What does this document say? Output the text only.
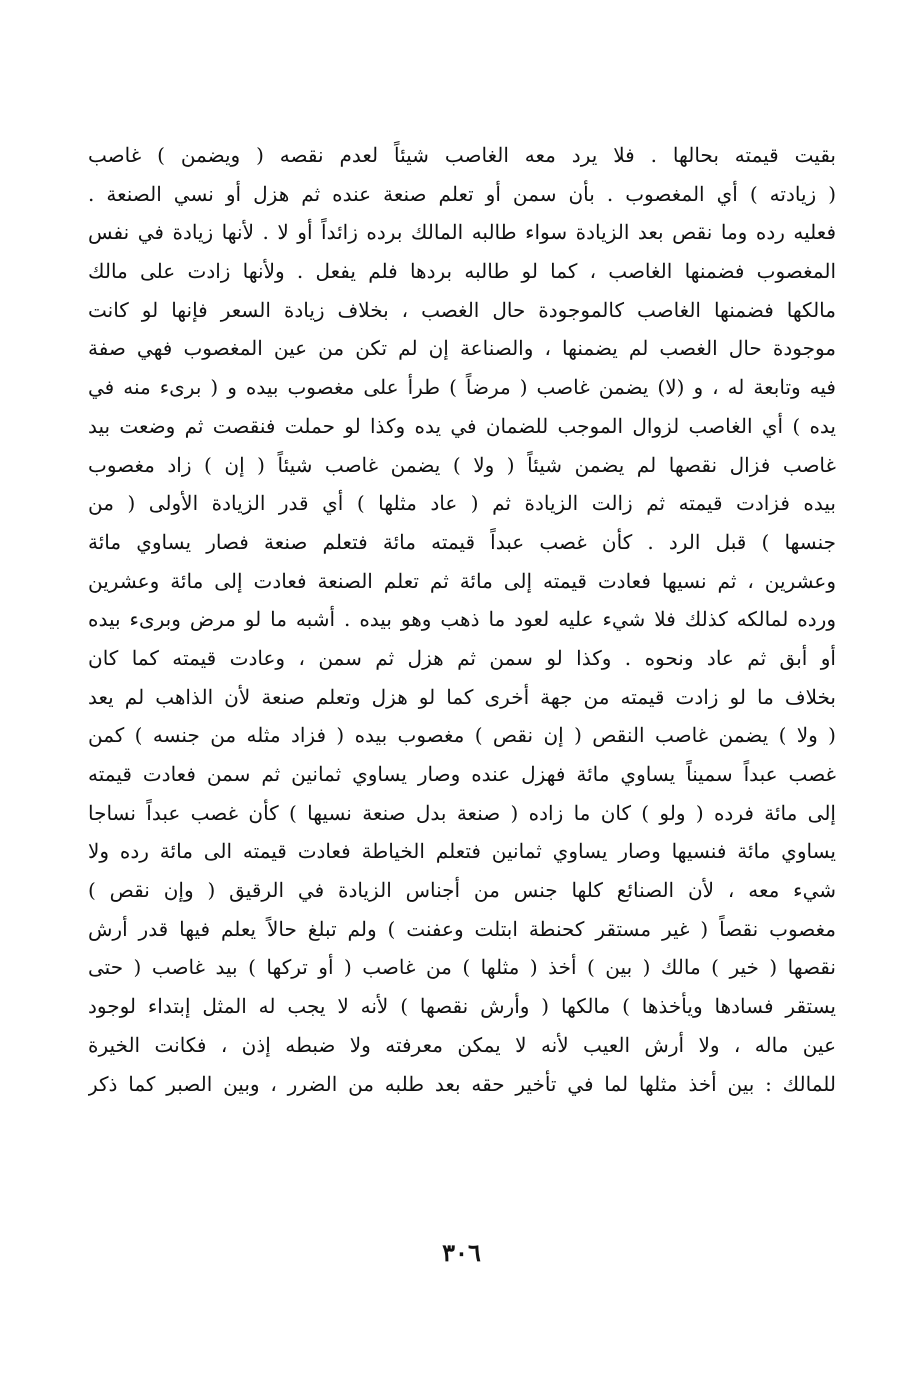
بقيت قيمته بحالها . فلا يرد معه الغاصب شيئاً لعدم نقصه ( ويضمن ) غاصب
( زيادته ) أي المغصوب . بأن سمن أو تعلم صنعة عنده ثم هزل أو نسي الصنعة .
فعليه رده وما نقص بعد الزيادة سواء طالبه المالك برده زائداً أو لا . لأنها زيادة في نفس
المغصوب فضمنها الغاصب ، كما لو طالبه بردها فلم يفعل . ولأنها زادت على مالك
مالكها فضمنها الغاصب كالموجودة حال الغصب ، بخلاف زيادة السعر فإنها لو كانت
موجودة حال الغصب لم يضمنها ، والصناعة إن لم تكن من عين المغصوب فهي صفة
فيه وتابعة له ، و (لا) يضمن غاصب ( مرضاً ) طرأ على مغصوب بيده و ( برىء منه في
يده ) أي الغاصب لزوال الموجب للضمان في يده وكذا لو حملت فنقصت ثم وضعت بيد
غاصب فزال نقصها لم يضمن شيئاً ( ولا ) يضمن غاصب شيئاً ( إن ) زاد مغصوب
بيده فزادت قيمته ثم زالت الزيادة ثم ( عاد مثلها ) أي قدر الزيادة الأولى ( من
جنسها ) قبل الرد . كأن غصب عبداً قيمته مائة فتعلم صنعة فصار يساوي مائة
وعشرين ، ثم نسيها فعادت قيمته إلى مائة ثم تعلم الصنعة فعادت إلى مائة وعشرين
ورده لمالكه كذلك فلا شيء عليه لعود ما ذهب وهو بيده . أشبه ما لو مرض وبرىء بيده
أو أبق ثم عاد ونحوه . وكذا لو سمن ثم هزل ثم سمن ، وعادت قيمته كما كان
بخلاف ما لو زادت قيمته من جهة أخرى كما لو هزل وتعلم صنعة لأن الذاهب لم يعد
( ولا ) يضمن غاصب النقص ( إن نقص ) مغصوب بيده ( فزاد مثله من جنسه ) كمن
غصب عبداً سميناً يساوي مائة فهزل عنده وصار يساوي ثمانين ثم سمن فعادت قيمته
إلى مائة فرده ( ولو ) كان ما زاده ( صنعة بدل صنعة نسيها ) كأن غصب عبداً نساجا
يساوي مائة فنسيها وصار يساوي ثمانين فتعلم الخياطة فعادت قيمته الى مائة رده ولا
شيء معه ، لأن الصنائع كلها جنس من أجناس الزيادة في الرقيق ( وإن نقص )
مغصوب نقصاً ( غير مستقر كحنطة ابتلت وعفنت ) ولم تبلغ حالاً يعلم فيها قدر أرش
نقصها ( خير ) مالك ( بين ) أخذ ( مثلها ) من غاصب ( أو تركها ) بيد غاصب ( حتى
يستقر فسادها ويأخذها ) مالكها ( وأرش نقصها ) لأنه لا يجب له المثل إبتداء لوجود
عين ماله ، ولا أرش العيب لأنه لا يمكن معرفته ولا ضبطه إذن ، فكانت الخيرة
للمالك : بين أخذ مثلها لما في تأخير حقه بعد طلبه من الضرر ، وبين الصبر كما ذكر
٣٠٦
